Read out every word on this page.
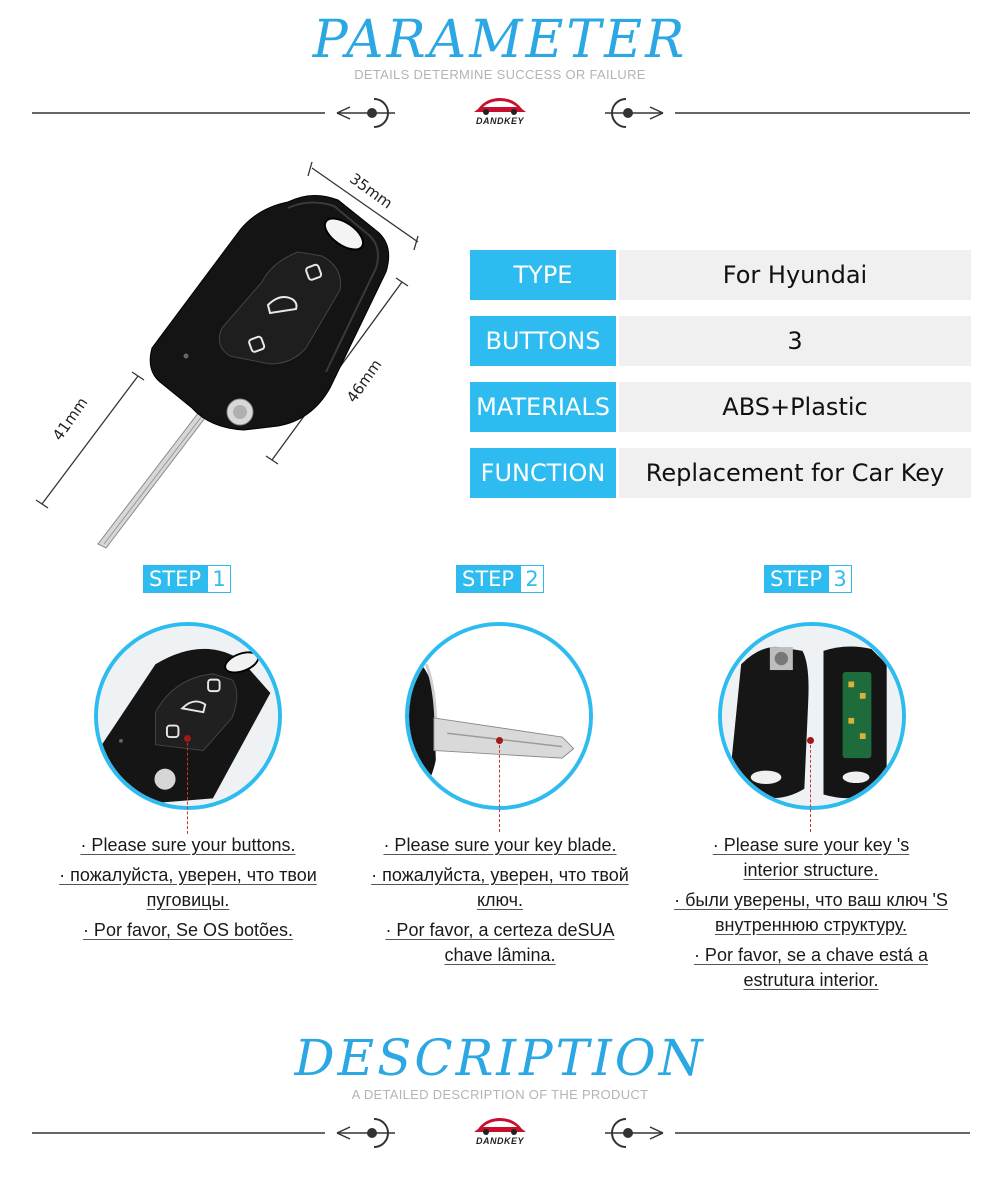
PARAMETER
DETAILS DETERMINE SUCCESS OR FAILURE
DANDKEY
35mm
46mm
41mm
TYPE	For Hyundai
BUTTONS	3
MATERIALS	ABS+Plastic
FUNCTION	Replacement for Car Key
STEP 1	STEP 2	STEP 3

· Please sure your buttons.

· пожалуйста, уверен, что твои пуговицы.

· Por favor, Se OS botões.

· Please sure your key blade.

· пожалуйста, уверен, что твой ключ.

· Por favor, a certeza deSUA chave lâmina.

· Please sure your key 's interior structure.

· были уверены, что ваш ключ 'S внутреннюю структуру.

· Por favor, se a chave está a estrutura interior.

DESCRIPTION
A DETAILED DESCRIPTION OF THE PRODUCT
DANDKEY
